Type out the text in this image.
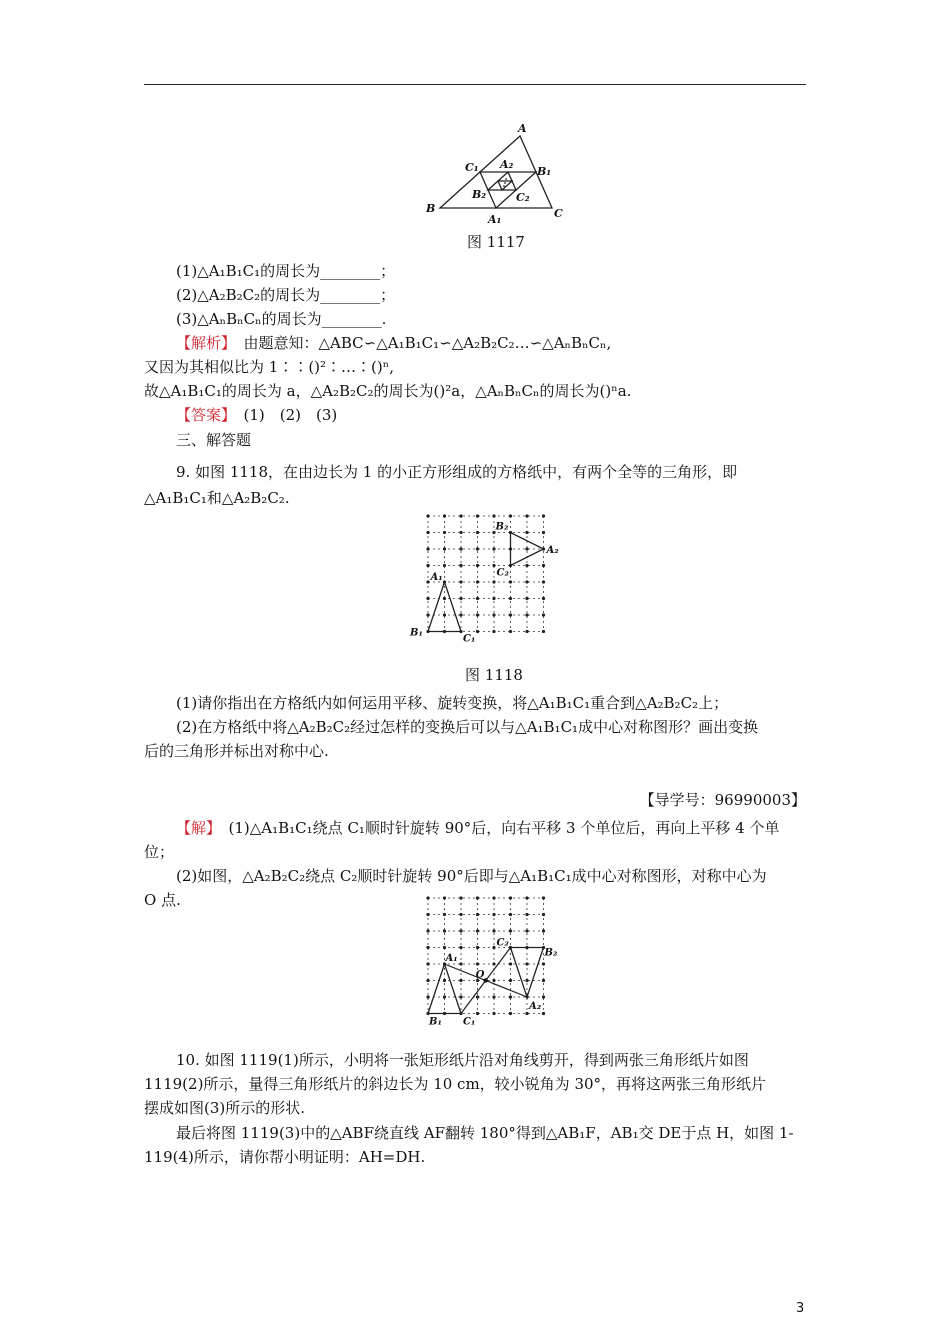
A
B	C
A₁
B₁
C₁ A₂
B₂	C₂
图 1117
(1)△A₁B₁C₁的周长为________；
(2)△A₂B₂C₂的周长为________；
(3)△AₙBₙCₙ的周长为________.
【解析】　由题意知：△ABC∽△A₁B₁C₁∽△A₂B₂C₂…∽△AₙBₙCₙ,
又因为其相似比为 1∶∶()²∶…∶()ⁿ,
故△A₁B₁C₁的周长为 a，△A₂B₂C₂的周长为()²a，△AₙBₙCₙ的周长为()ⁿa.
【答案】　(1)　(2)　(3)
三、解答题
9. 如图 1118，在由边长为 1 的小正方形组成的方格纸中，有两个全等的三角形，即
△A₁B₁C₁和△A₂B₂C₂.
A₁
B₁
C₁
B₂
C₂
A₂
图 1118
(1)请你指出在方格纸内如何运用平移、旋转变换，将△A₁B₁C₁重合到△A₂B₂C₂上；
(2)在方格纸中将△A₂B₂C₂经过怎样的变换后可以与△A₁B₁C₁成中心对称图形？画出变换
后的三角形并标出对称中心.
【导学号：96990003】
【解】　(1)△A₁B₁C₁绕点 C₁顺时针旋转 90°后，向右平移 3 个单位后，再向上平移 4 个单
位；
(2)如图，△A₂B₂C₂绕点 C₂顺时针旋转 90°后即与△A₁B₁C₁成中心对称图形，对称中心为
O 点.
A₁
B₁ C₁
C₂
B₂
A₂
O
10. 如图 1119(1)所示，小明将一张矩形纸片沿对角线剪开，得到两张三角形纸片如图
1119(2)所示，量得三角形纸片的斜边长为 10 cm，较小锐角为 30°，再将这两张三角形纸片
摆成如图(3)所示的形状.
最后将图 1119(3)中的△ABF绕直线 AF翻转 180°得到△AB₁F，AB₁交 DE于点 H，如图 1-
119(4)所示，请你帮小明证明：AH=DH.
3
